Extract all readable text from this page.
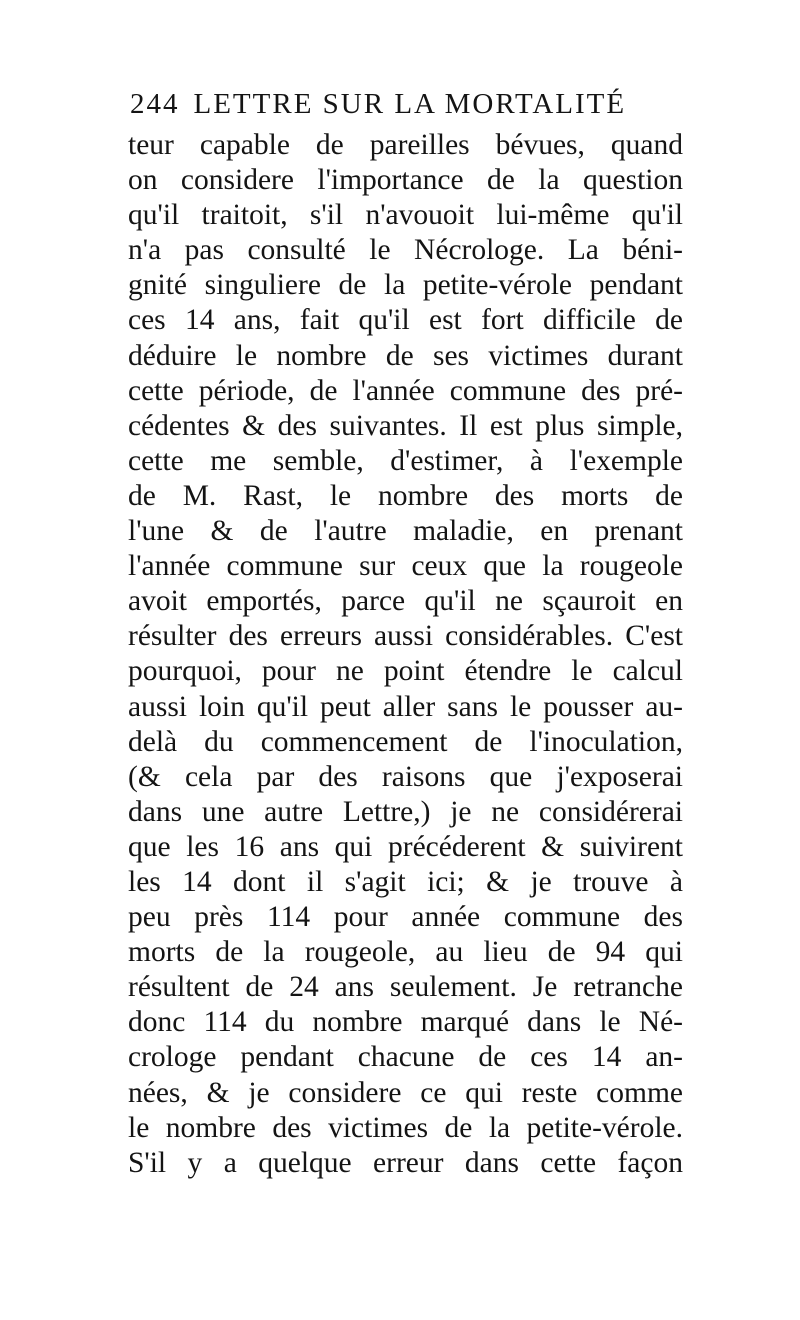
244 LETTRE SUR LA MORTALITÉ
teur capable de pareilles bévues, quand
on considere l'importance de la question
qu'il traitoit, s'il n'avouoit lui-même qu'il
n'a pas consulté le Nécrologe. La béni-
gnité singuliere de la petite-vérole pendant
ces 14 ans, fait qu'il est fort difficile de
déduire le nombre de ses victimes durant
cette période, de l'année commune des pré-
cédentes & des suivantes. Il est plus simple,
cette me semble, d'estimer, à l'exemple
de M. Rast, le nombre des morts de
l'une & de l'autre maladie, en prenant
l'année commune sur ceux que la rougeole
avoit emportés, parce qu'il ne sçauroit en
résulter des erreurs aussi considérables. C'est
pourquoi, pour ne point étendre le calcul
aussi loin qu'il peut aller sans le pousser au-
delà du commencement de l'inoculation,
(& cela par des raisons que j'exposerai
dans une autre Lettre,) je ne considérerai
que les 16 ans qui précéderent & suivirent
les 14 dont il s'agit ici; & je trouve à
peu près 114 pour année commune des
morts de la rougeole, au lieu de 94 qui
résultent de 24 ans seulement. Je retranche
donc 114 du nombre marqué dans le Né-
crologe pendant chacune de ces 14 an-
nées, & je considere ce qui reste comme
le nombre des victimes de la petite-vérole.
S'il y a quelque erreur dans cette façon
